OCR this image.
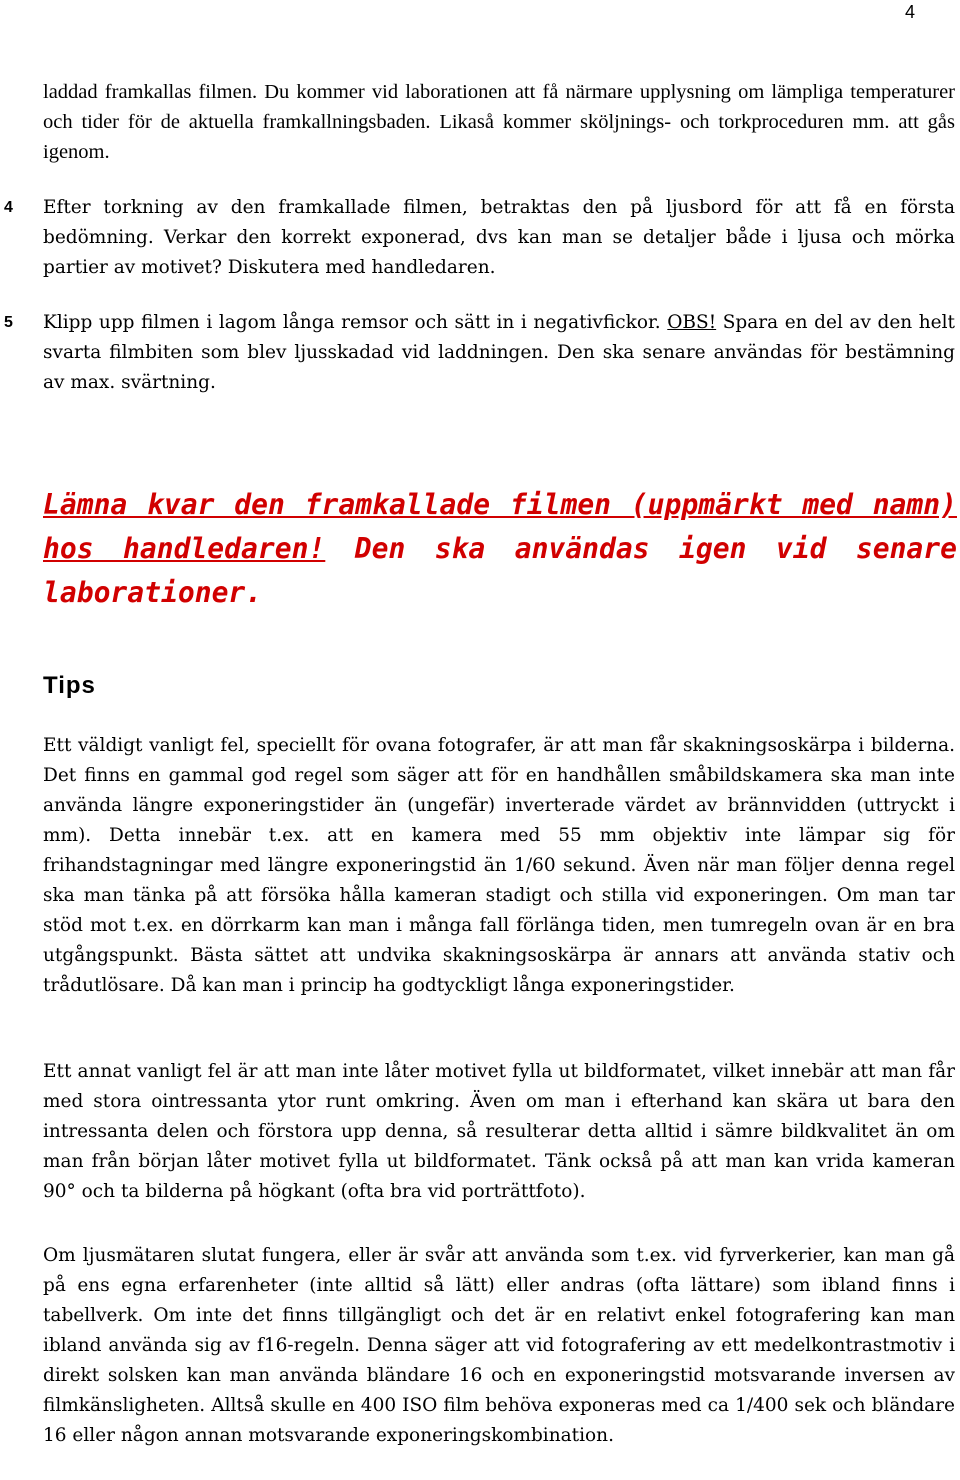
4

laddad framkallas filmen. Du kommer vid laborationen att få närmare upplysning om lämpliga temperaturer och tider för de aktuella framkallningsbaden. Likaså kommer sköljnings- och torkproceduren mm. att gås igenom.

4	Efter torkning av den framkallade filmen, betraktas den på ljusbord för att få en första bedömning. Verkar den korrekt exponerad, dvs kan man se detaljer både i ljusa och mörka partier av motivet? Diskutera med handledaren.

5	Klipp upp filmen i lagom långa remsor och sätt in i negativfickor. OBS! Spara en del av den helt svarta filmbiten som blev ljusskadad vid laddningen. Den ska senare användas för bestämning av max. svärtning.

Lämna kvar den framkallade filmen (uppmärkt med namn) hos handledaren! Den ska användas igen vid senare laborationer.

Tips

Ett väldigt vanligt fel, speciellt för ovana fotografer, är att man får skakningsoskärpa i bilderna. Det finns en gammal god regel som säger att för en handhållen småbildskamera ska man inte använda längre exponeringstider än (ungefär) inverterade värdet av brännvidden (uttryckt i mm). Detta innebär t.ex. att en kamera med 55 mm objektiv inte lämpar sig för frihandstagningar med längre exponeringstid än 1/60 sekund. Även när man följer denna regel ska man tänka på att försöka hålla kameran stadigt och stilla vid exponeringen. Om man tar stöd mot t.ex. en dörrkarm kan man i många fall förlänga tiden, men tumregeln ovan är en bra utgångspunkt. Bästa sättet att undvika skakningsoskärpa är annars att använda stativ och trådutlösare. Då kan man i princip ha godtyckligt långa exponeringstider.

Ett annat vanligt fel är att man inte låter motivet fylla ut bildformatet, vilket innebär att man får med stora ointressanta ytor runt omkring. Även om man i efterhand kan skära ut bara den intressanta delen och förstora upp denna, så resulterar detta alltid i sämre bildkvalitet än om man från början låter motivet fylla ut bildformatet. Tänk också på att man kan vrida kameran 90° och ta bilderna på högkant (ofta bra vid porträttfoto).

Om ljusmätaren slutat fungera, eller är svår att använda som t.ex. vid fyrverkerier, kan man gå på ens egna erfarenheter (inte alltid så lätt) eller andras (ofta lättare) som ibland finns i tabellverk. Om inte det finns tillgängligt och det är en relativt enkel fotografering kan man ibland använda sig av f16-regeln. Denna säger att vid fotografering av ett medelkontrastmotiv i direkt solsken kan man använda bländare 16 och en exponeringstid motsvarande inversen av filmkänsligheten. Alltså skulle en 400 ISO film behöva exponeras med ca 1/400 sek och bländare 16 eller någon annan motsvarande exponeringskombination.
